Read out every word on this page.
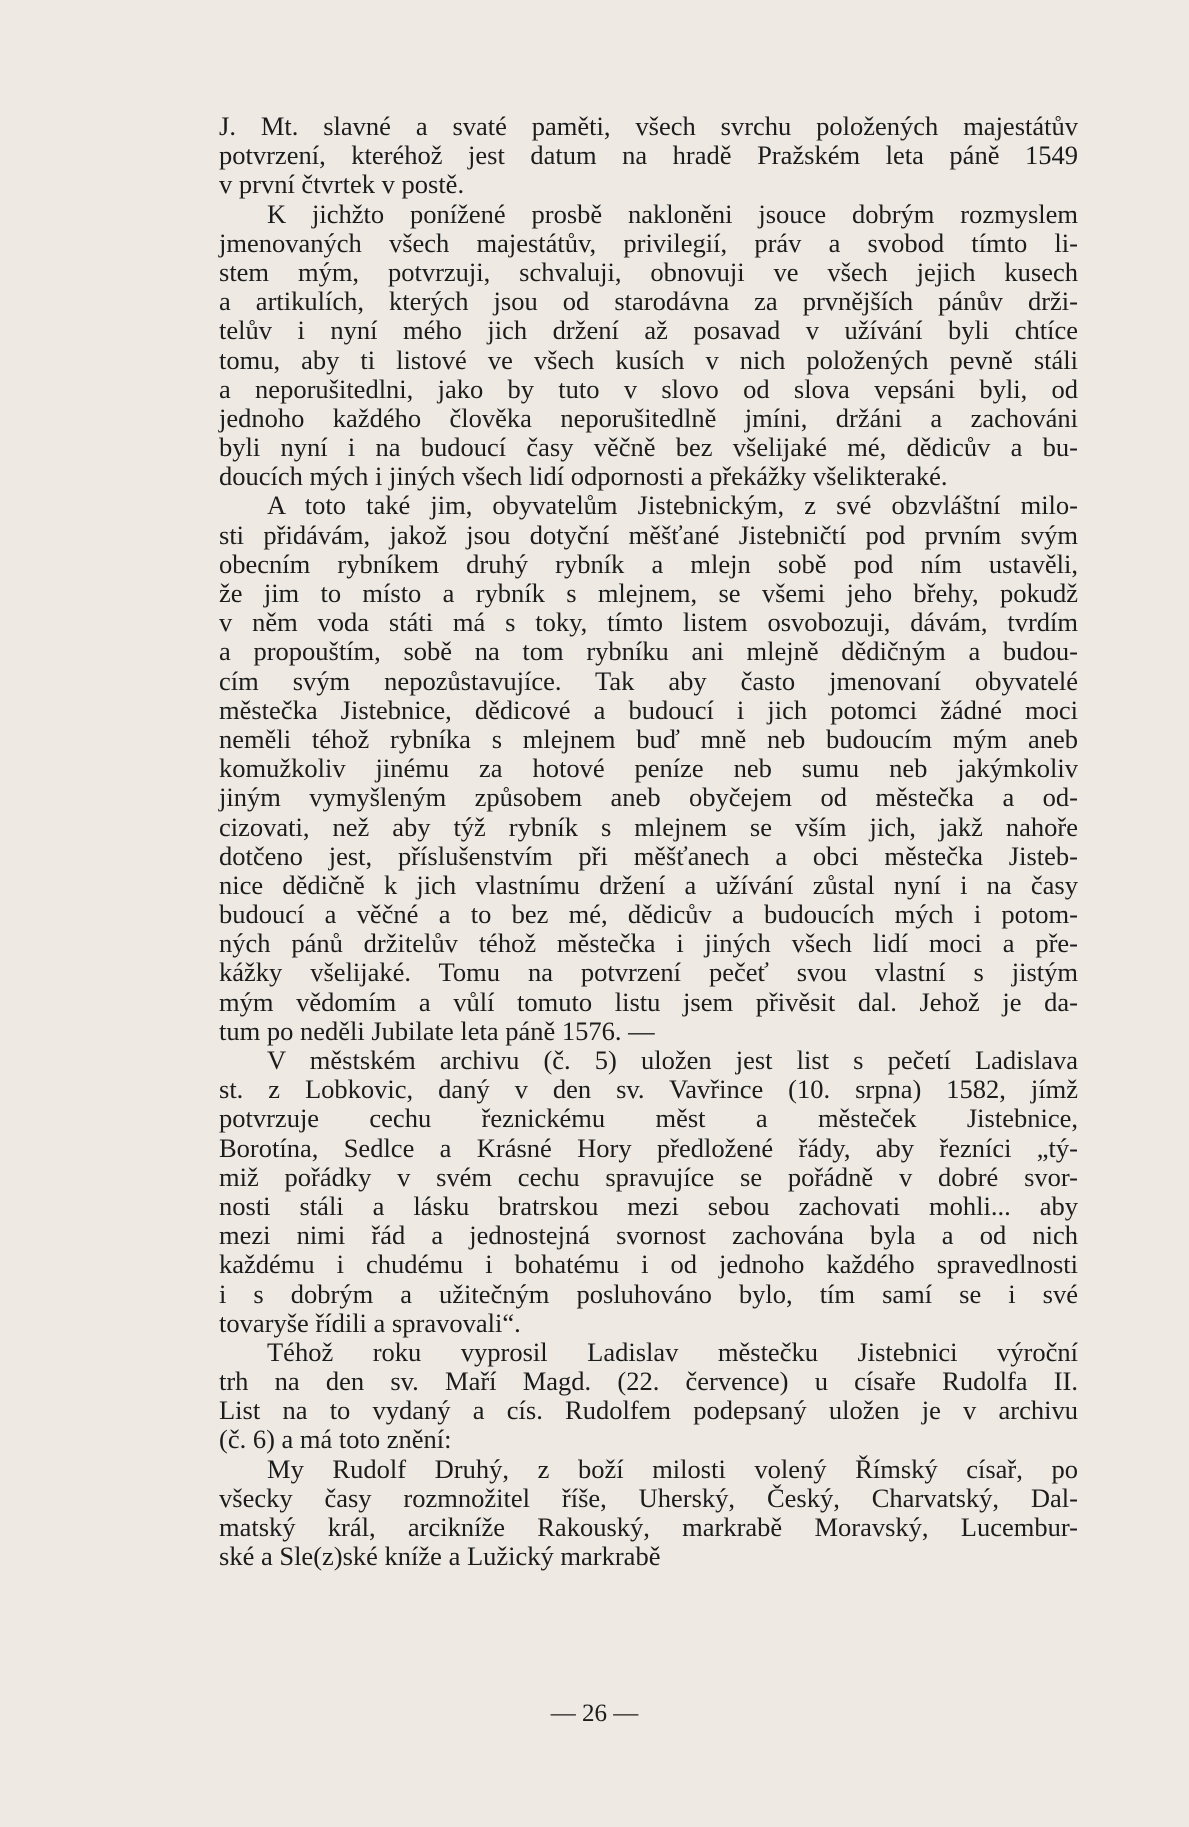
J. Mt. slavné a svaté paměti, všech svrchu položených majestátův
potvrzení, kteréhož jest datum na hradě Pražském leta páně 1549
v první čtvrtek v postě.
K jichžto ponížené prosbě nakloněni jsouce dobrým rozmyslem
jmenovaných všech majestátův, privilegií, práv a svobod tímto li-
stem mým, potvrzuji, schvaluji, obnovuji ve všech jejich kusech
a artikulích, kterých jsou od starodávna za prvnějších pánův drži-
telův i nyní mého jich držení až posavad v užívání byli chtíce
tomu, aby ti listové ve všech kusích v nich položených pevně stáli
a neporušitedlni, jako by tuto v slovo od slova vepsáni byli, od
jednoho každého člověka neporušitedlně jmíni, držáni a zachováni
byli nyní i na budoucí časy věčně bez všelijaké mé, dědicův a bu-
doucích mých i jiných všech lidí odpornosti a překážky všelikteraké.
A toto také jim, obyvatelům Jistebnickým, z své obzvláštní milo-
sti přidávám, jakož jsou dotyční měšťané Jistebničtí pod prvním svým
obecním rybníkem druhý rybník a mlejn sobě pod ním ustavěli,
že jim to místo a rybník s mlejnem, se všemi jeho břehy, pokudž
v něm voda státi má s toky, tímto listem osvobozuji, dávám, tvrdím
a propouštím, sobě na tom rybníku ani mlejně dědičným a budou-
cím svým nepozůstavujíce. Tak aby často jmenovaní obyvatelé
městečka Jistebnice, dědicové a budoucí i jich potomci žádné moci
neměli téhož rybníka s mlejnem buď mně neb budoucím mým aneb
komužkoliv jinému za hotové peníze neb sumu neb jakýmkoliv
jiným vymyšleným způsobem aneb obyčejem od městečka a od-
cizovati, než aby týž rybník s mlejnem se vším jich, jakž nahoře
dotčeno jest, příslušenstvím při měšťanech a obci městečka Jisteb-
nice dědičně k jich vlastnímu držení a užívání zůstal nyní i na časy
budoucí a věčné a to bez mé, dědicův a budoucích mých i potom-
ných pánů držitelův téhož městečka i jiných všech lidí moci a pře-
kážky všelijaké. Tomu na potvrzení pečeť svou vlastní s jistým
mým vědomím a vůlí tomuto listu jsem přivěsit dal. Jehož je da-
tum po neděli Jubilate leta páně 1576. —
V městském archivu (č. 5) uložen jest list s pečetí Ladislava
st. z Lobkovic, daný v den sv. Vavřince (10. srpna) 1582, jímž
potvrzuje cechu řeznickému měst a městeček Jistebnice,
Borotína, Sedlce a Krásné Hory předložené řády, aby řezníci „tý-
miž pořádky v svém cechu spravujíce se pořádně v dobré svor-
nosti stáli a lásku bratrskou mezi sebou zachovati mohli... aby
mezi nimi řád a jednostejná svornost zachována byla a od nich
každému i chudému i bohatému i od jednoho každého spravedlnosti
i s dobrým a užitečným posluhováno bylo, tím samí se i své
tovaryše řídili a spravovali“.
Téhož roku vyprosil Ladislav městečku Jistebnici výroční
trh na den sv. Maří Magd. (22. července) u císaře Rudolfa II.
List na to vydaný a cís. Rudolfem podepsaný uložen je v archivu
(č. 6) a má toto znění:
My Rudolf Druhý, z boží milosti volený Římský císař, po
všecky časy rozmnožitel říše, Uherský, Český, Charvatský, Dal-
matský král, arcikníže Rakouský, markrabě Moravský, Lucembur-
ské a Sle(z)ské kníže a Lužický markrabě
— 26 —
